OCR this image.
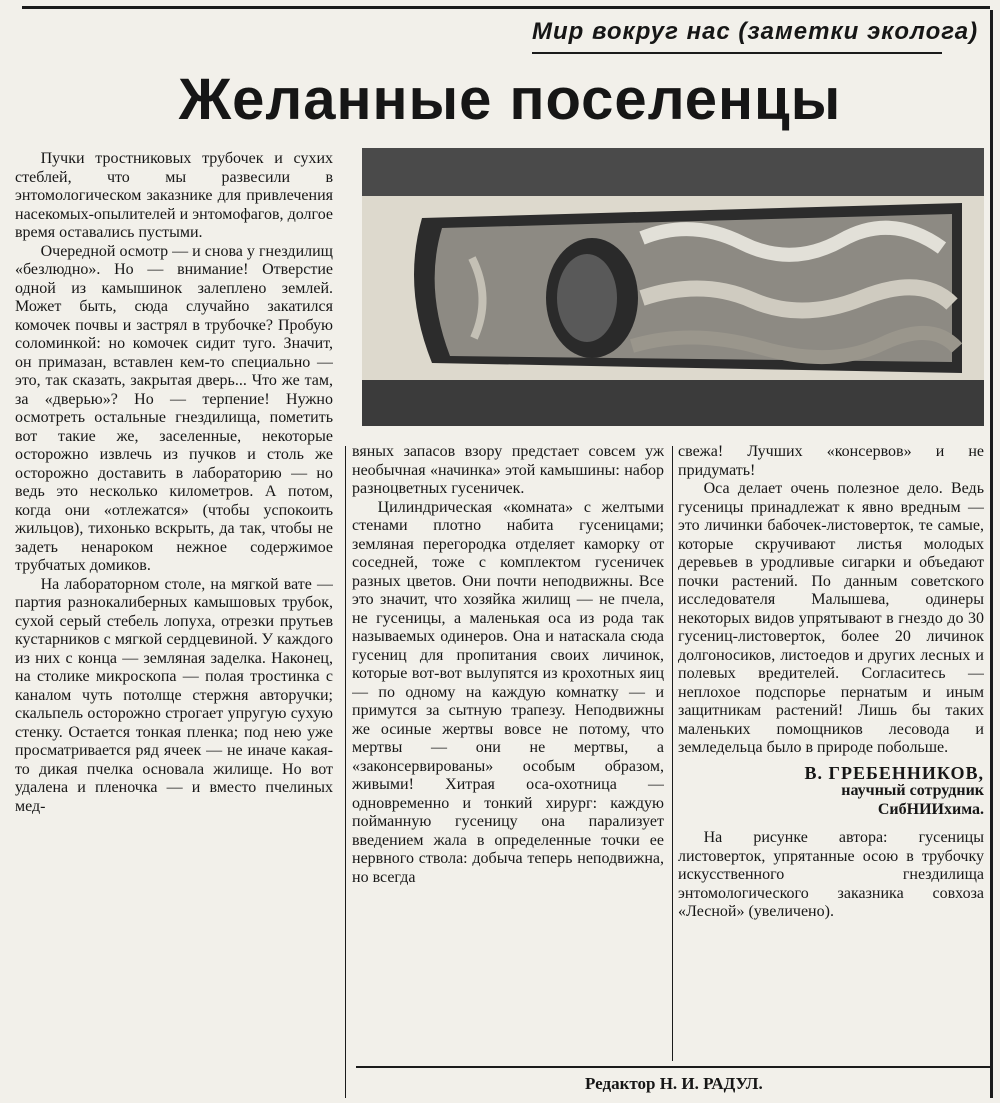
Мир вокруг нас (заметки эколога)
Желанные поселенцы

Пучки тростниковых трубочек и сухих стеблей, что мы развесили в энтомологическом заказнике для привлечения насекомых-опылителей и энтомофагов, долгое время оставались пустыми.

Очередной осмотр — и снова у гнездилищ «безлюдно». Но — внимание! Отверстие одной из камышинок залеплено землей. Может быть, сюда случайно закатился комочек почвы и застрял в трубочке? Пробую соломинкой: но комочек сидит туго. Значит, он примазан, вставлен кем-то специально — это, так сказать, закрытая дверь... Что же там, за «дверью»? Но — терпение! Нужно осмотреть остальные гнездилища, пометить вот такие же, заселенные, некоторые осторожно извлечь из пучков и столь же осторожно доставить в лабораторию — но ведь это несколько километров. А потом, когда они «отлежатся» (чтобы успокоить жильцов), тихонько вскрыть, да так, чтобы не задеть ненароком нежное содержимое трубчатых домиков.

На лабораторном столе, на мягкой вате — партия разнокалиберных камышовых трубок, сухой серый стебель лопуха, отрезки прутьев кустарников с мягкой сердцевиной. У каждого из них с конца — земляная заделка. Наконец, на столике микроскопа — полая тростинка с каналом чуть потолще стержня авторучки; скальпель осторожно строгает упругую сухую стенку. Остается тонкая пленка; под нею уже просматривается ряд ячеек — не иначе какая-то дикая пчелка основала жилище. Но вот удалена и пленочка — и вместо пчелиных мед-

вяных запасов взору предстает совсем уж необычная «начинка» этой камышины: набор разноцветных гусеничек.

Цилиндрическая «комната» с желтыми стенами плотно набита гусеницами; земляная перегородка отделяет каморку от соседней, тоже с комплектом гусеничек разных цветов. Они почти неподвижны. Все это значит, что хозяйка жилищ — не пчела, не гусеницы, а маленькая оса из рода так называемых одинеров. Она и натаскала сюда гусениц для пропитания своих личинок, которые вот-вот вылупятся из крохотных яиц — по одному на каждую комнатку — и примутся за сытную трапезу. Неподвижны же осиные жертвы вовсе не потому, что мертвы — они не мертвы, а «законсервированы» особым образом, живыми! Хитрая оса-охотница — одновременно и тонкий хирург: каждую пойманную гусеницу она парализует введением жала в определенные точки ее нервного ствола: добыча теперь неподвижна, но всегда

свежа! Лучших «консервов» и не придумать!

Оса делает очень полезное дело. Ведь гусеницы принадлежат к явно вредным — это личинки бабочек-листоверток, те самые, которые скручивают листья молодых деревьев в уродливые сигарки и объедают почки растений. По данным советского исследователя Малышева, одинеры некоторых видов упрятывают в гнездо до 30 гусениц-листоверток, более 20 личинок долгоносиков, листоедов и других лесных и полевых вредителей. Согласитесь — неплохое подспорье пернатым и иным защитникам растений! Лишь бы таких маленьких помощников лесовода и земледельца было в природе побольше.

В. ГРЕБЕННИКОВ,
научный сотрудник
СибНИИхима.

На рисунке автора: гусеницы листоверток, упрятанные осою в трубочку искусственного гнездилища энтомологического заказника совхоза «Лесной» (увеличено).

Редактор Н. И. РАДУЛ.
